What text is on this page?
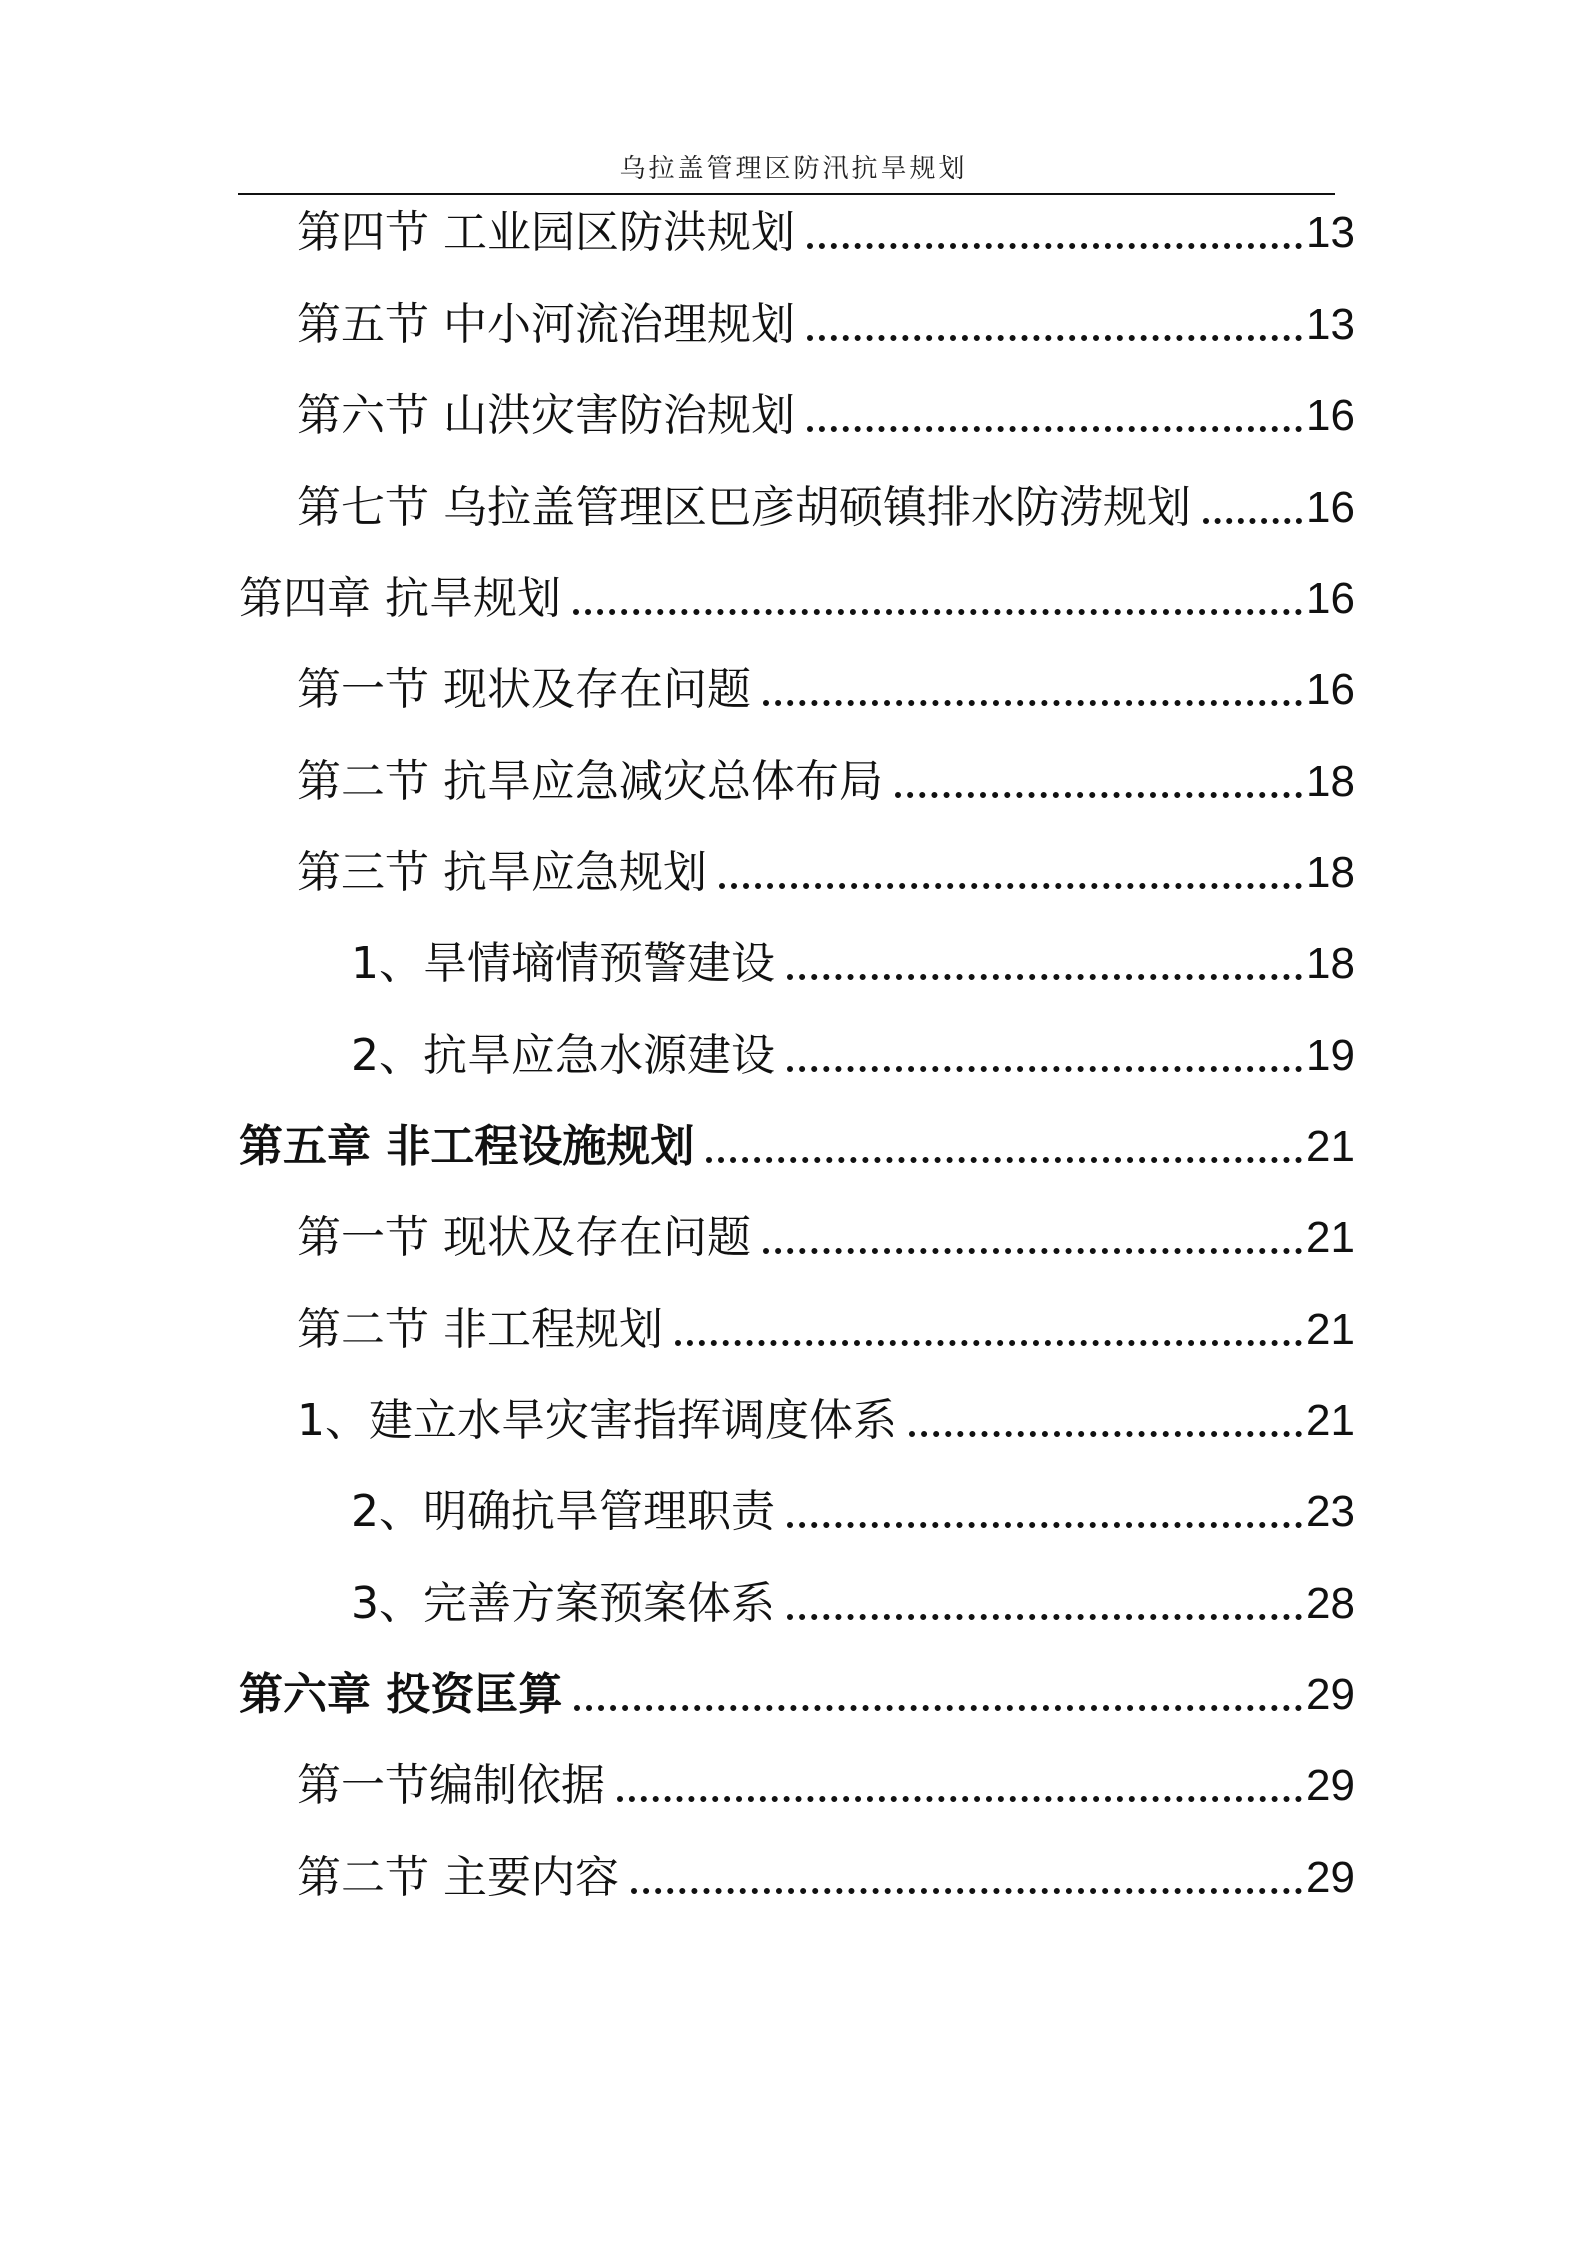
乌拉盖管理区防汛抗旱规划
第四节 工业园区防洪规划	13
第五节 中小河流治理规划	13
第六节 山洪灾害防治规划	16
第七节 乌拉盖管理区巴彦胡硕镇排水防涝规划	16
第四章 抗旱规划	16
第一节 现状及存在问题	16
第二节 抗旱应急减灾总体布局	18
第三节 抗旱应急规划	18
1、旱情墒情预警建设	18
2、抗旱应急水源建设	19
第五章 非工程设施规划	21
第一节 现状及存在问题	21
第二节 非工程规划	21
1、建立水旱灾害指挥调度体系	21
2、明确抗旱管理职责	23
3、完善方案预案体系	28
第六章 投资匡算	29
第一节编制依据	29
第二节 主要内容	29
